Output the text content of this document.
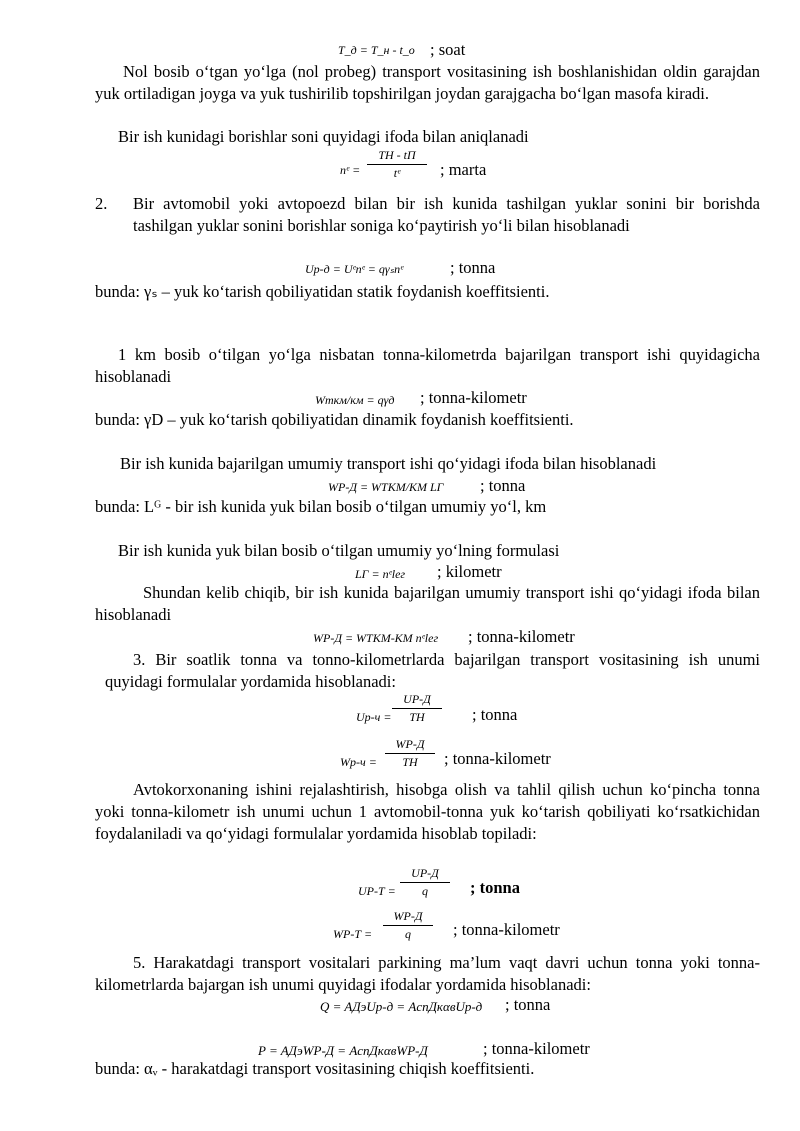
T_д = T_н - t_о ; soat
Nol bosib o‘tgan yo‘lga (nol probeg) transport vositasining ish boshlanishidan oldin garajdan yuk ortiladigan joyga va yuk tushirilib topshirilgan joydan garajgacha bo‘lgan masofa kiradi.
Bir ish kunidagi borishlar soni quyidagi ifoda bilan aniqlanadi
nᵉ =
TН - tП
tᵉ	; marta
2. Bir avtomobil yoki avtopoezd bilan bir ish kunida tashilgan yuklar sonini bir borishda tashilgan yuklar sonini borishlar soniga ko‘paytirish yo‘li bilan hisoblanadi
Uр-д = Uᵉnᵉ = qγₛnᵉ	; tonna
bunda: γₛ – yuk ko‘tarish qobiliyatidan statik foydanish koeffitsienti.
1 km bosib o‘tilgan yo‘lga nisbatan tonna-kilometrda bajarilgan transport ishi quyidagicha hisoblanadi
Wткм/км = qγд ; tonna-kilometr
bunda: γD – yuk ko‘tarish qobiliyatidan dinamik foydanish koeffitsienti.
Bir ish kunida bajarilgan umumiy transport ishi qo‘yidagi ifoda bilan hisoblanadi
WР-Д = WТКМ/КМ LГ ; tonna
bunda: Lᴳ - bir ish kunida yuk bilan bosib o‘tilgan umumiy yo‘l, km
Bir ish kunida yuk bilan bosib o‘tilgan umumiy yo‘lning formulasi
LГ = nᵉlег ; kilometr
Shundan kelib chiqib, bir ish kunida bajarilgan umumiy transport ishi qo‘yidagi ifoda bilan hisoblanadi
WР-Д = WТКМ-КМ nᵉlег ; tonna-kilometr
3. Bir soatlik tonna va tonno-kilometrlarda bajarilgan transport vositasining ish unumi quyidagi formulalar yordamida hisoblanadi:
Uр-ч =
UР-Д
TН	; tonna
Wр-ч =
WР-Д
TН	; tonna-kilometr
Avtokorxonaning ishini rejalashtirish, hisobga olish va tahlil qilish uchun ko‘pincha tonna yoki tonna-kilometr ish unumi uchun 1 avtomobil-tonna yuk ko‘tarish qobiliyati ko‘rsatkichidan foydalaniladi va qo‘yidagi formulalar yordamida hisoblab topiladi:
UР-Т =
UР-Д
q	; tonna
WР-Т =
WР-Д
q	; tonna-kilometr
5. Harakatdagi transport vositalari parkining ma’lum vaqt davri uchun tonna yoki tonna-kilometrlarda bajargan ish unumi quyidagi ifodalar yordamida hisoblanadi:
Q = AДэUр-д = AспДкαвUр-д ; tonna
P = AДэWР-Д = AспДкαвWР-Д	; tonna-kilometr
bunda: αᵥ - harakatdagi transport vositasining chiqish koeffitsienti.
